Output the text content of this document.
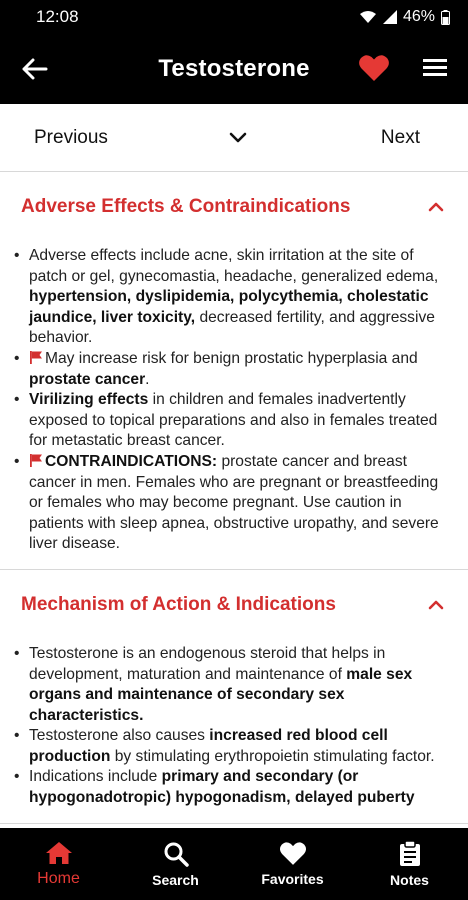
12:08	46%
Testosterone
Previous	Next
Adverse Effects & Contraindications
• Adverse effects include acne, skin irritation at the site of patch or gel, gynecomastia, headache, generalized edema, hypertension, dyslipidemia, polycythemia, cholestatic jaundice, liver toxicity, decreased fertility, and aggressive behavior.
• May increase risk for benign prostatic hyperplasia and prostate cancer.
• Virilizing effects in children and females inadvertently exposed to topical preparations and also in females treated for metastatic breast cancer.
• CONTRAINDICATIONS: prostate cancer and breast cancer in men. Females who are pregnant or breastfeeding or females who may become pregnant. Use caution in patients with sleep apnea, obstructive uropathy, and severe liver disease.
Mechanism of Action & Indications
• Testosterone is an endogenous steroid that helps in development, maturation and maintenance of male sex organs and maintenance of secondary sex characteristics.
• Testosterone also causes increased red blood cell production by stimulating erythropoietin stimulating factor.
• Indications include primary and secondary (or hypogonadotropic) hypogonadism, delayed puberty
Home	Search	Favorites	Notes
